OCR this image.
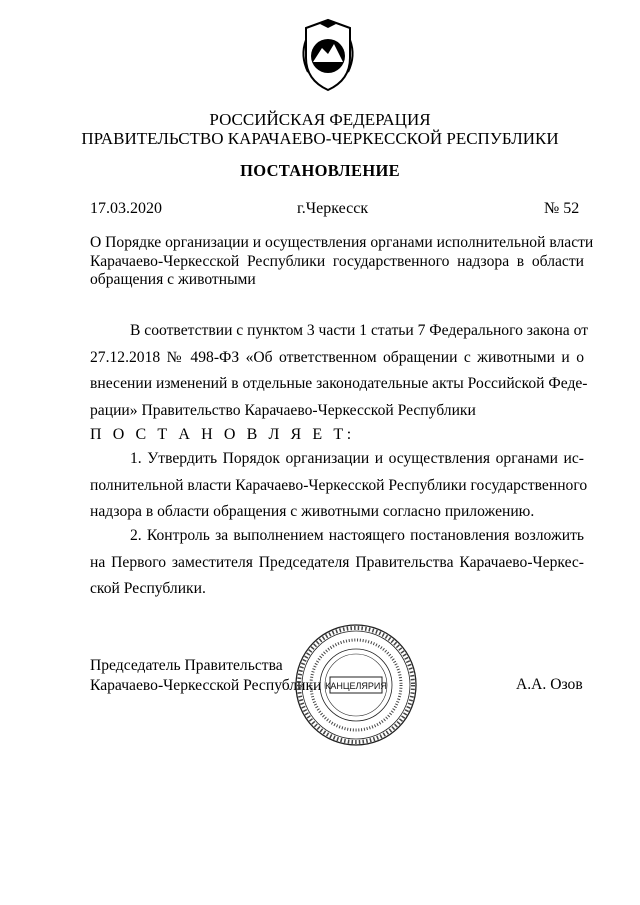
РОССИЙСКАЯ ФЕДЕРАЦИЯ
ПРАВИТЕЛЬСТВО КАРАЧАЕВО-ЧЕРКЕССКОЙ РЕСПУБЛИКИ
ПОСТАНОВЛЕНИЕ
17.03.2020	г.Черкесск	№ 52
О Порядке организации и осуществления органами исполнительной власти
Карачаево-Черкесской Республики государственного надзора в области
обращения с животными
В соответствии с пунктом 3 части 1 статьи 7 Федерального закона от
27.12.2018 № 498-ФЗ «Об ответственном обращении с животными и о
внесении изменений в отдельные законодательные акты Российской Феде-
рации» Правительство Карачаево-Черкесской Республики
П О С Т А Н О В Л Я Е Т:
1. Утвердить Порядок организации и осуществления органами ис-
полнительной власти Карачаево-Черкесской Республики государственного
надзора в области обращения с животными согласно приложению.
2. Контроль за выполнением настоящего постановления возложить
на Первого заместителя Председателя Правительства Карачаево-Черкес-
ской Республики.
Председатель Правительства
Карачаево-Черкесской Республики	А.А. Озов
КАНЦЕЛЯРИЯ
